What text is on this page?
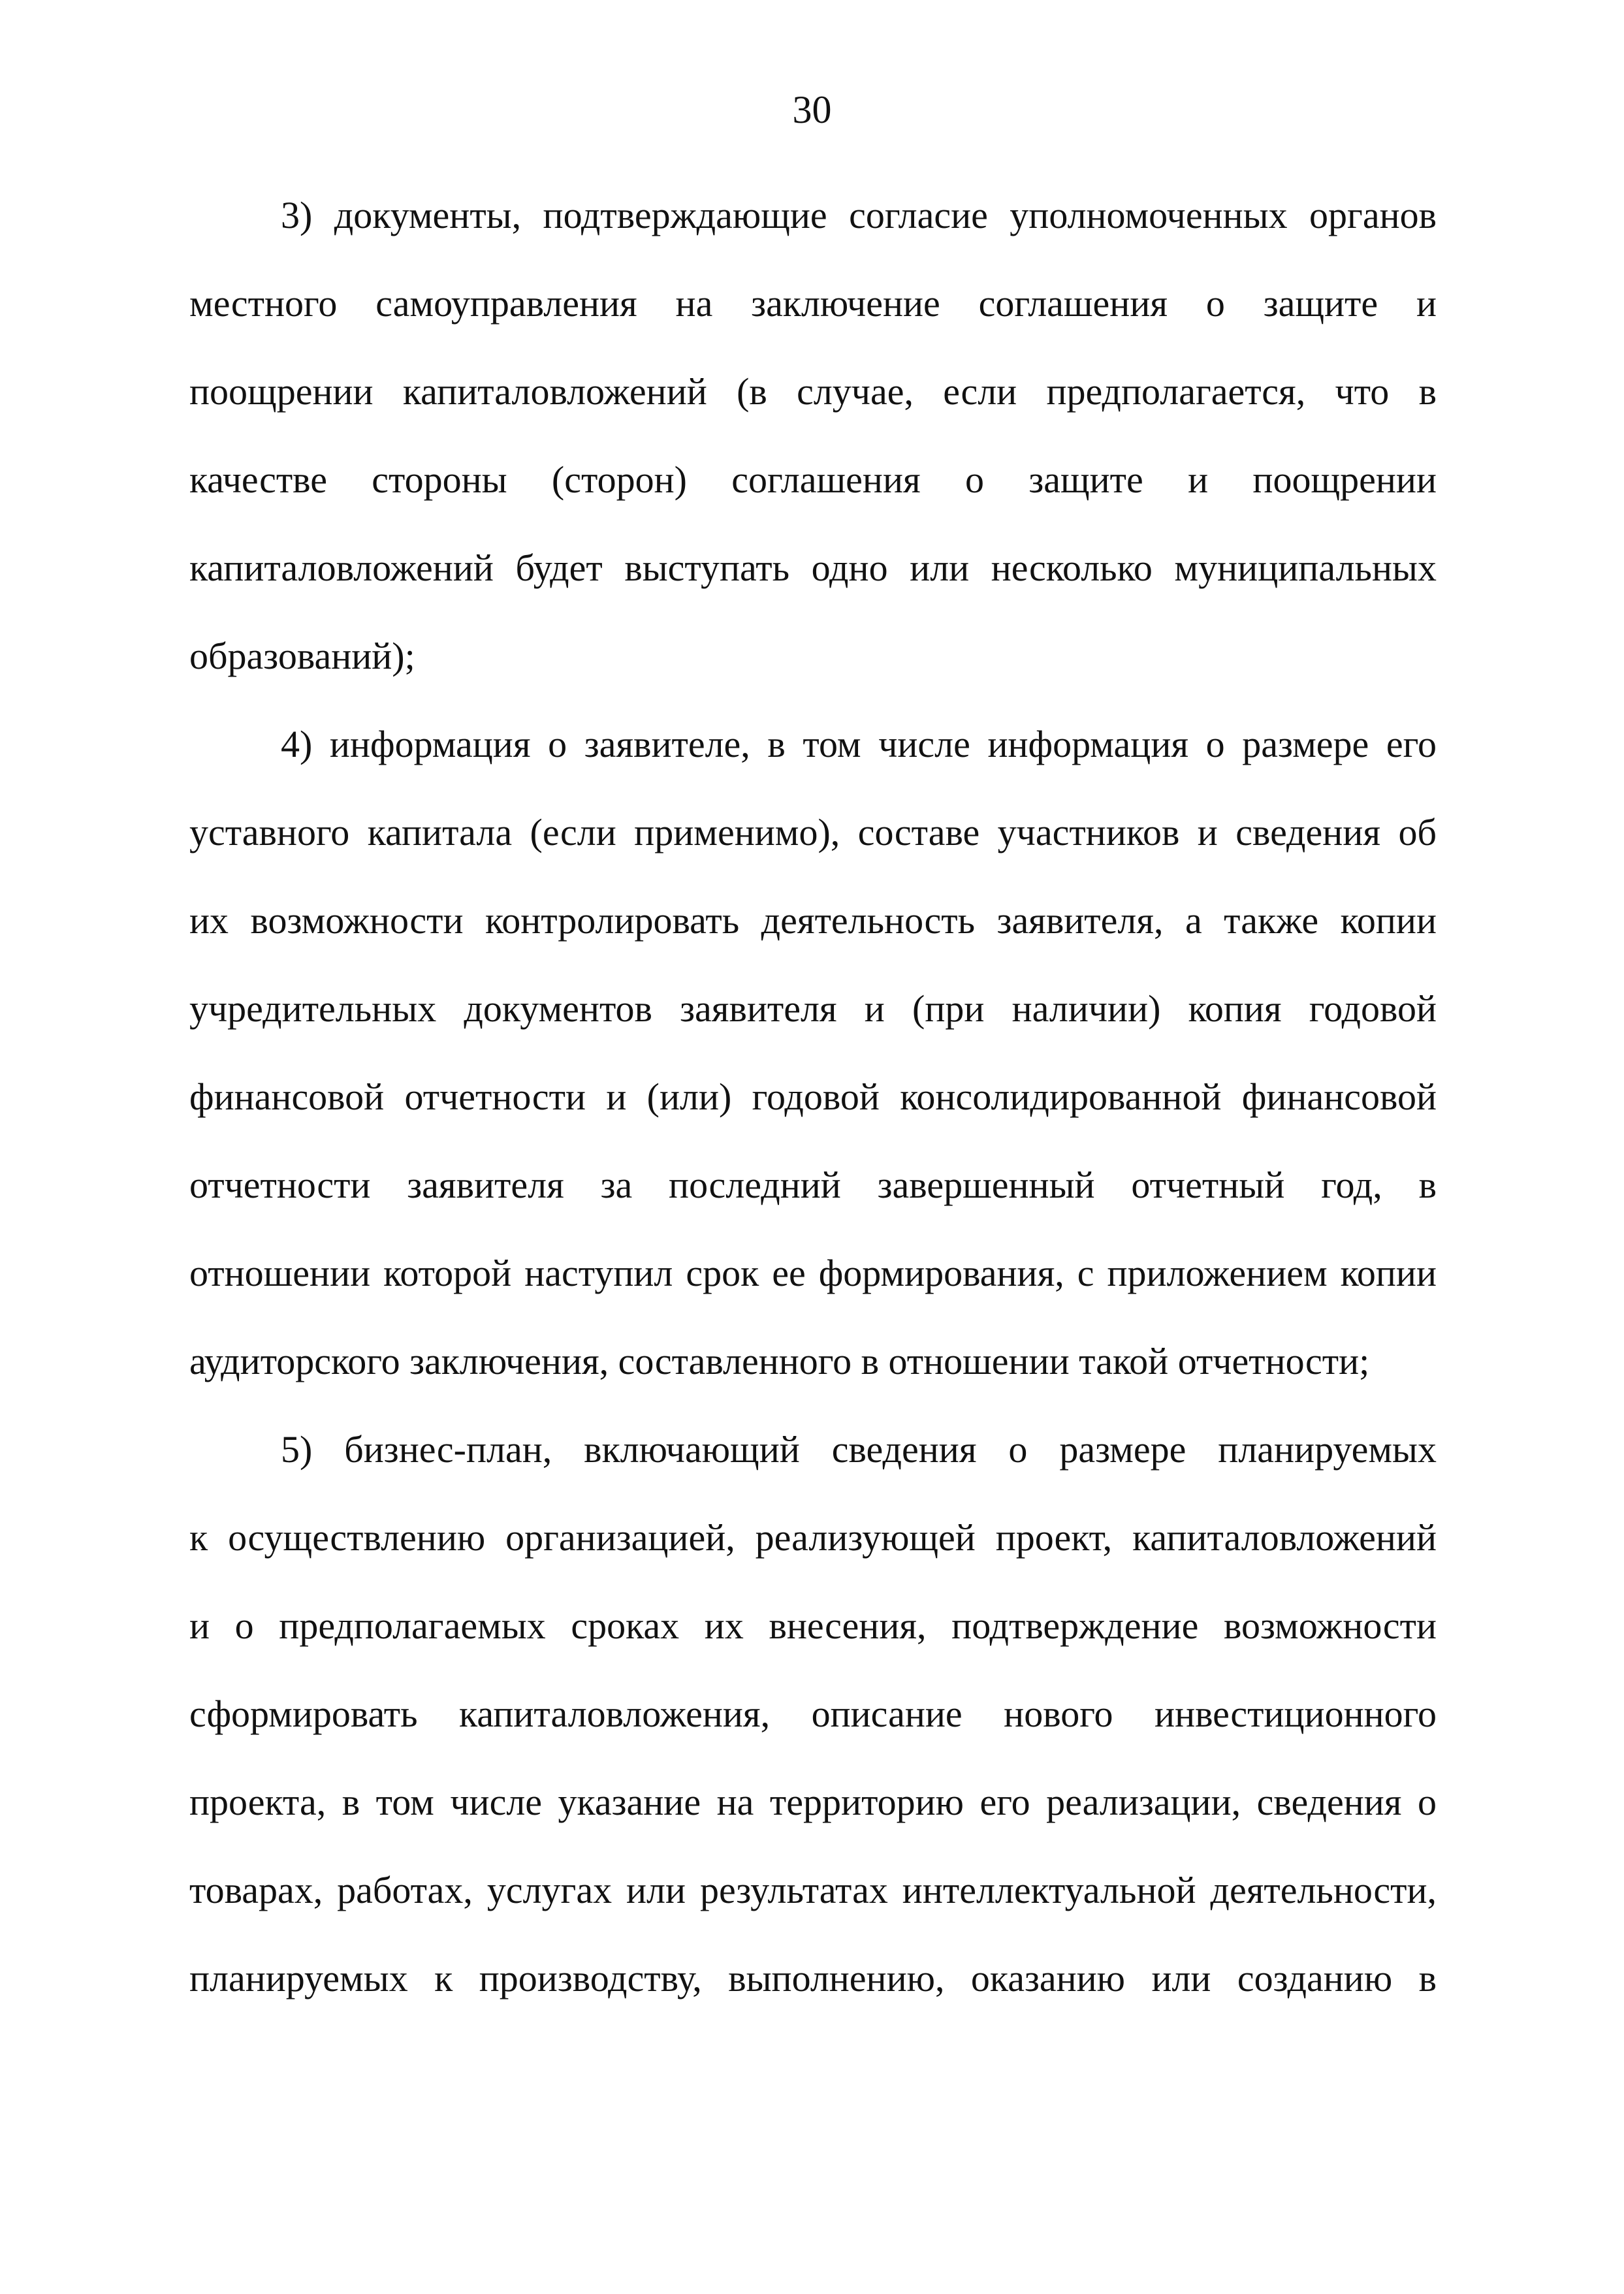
30
3) документы, подтверждающие согласие уполномоченных органов
местного самоуправления на заключение соглашения о защите и
поощрении капиталовложений (в случае, если предполагается, что в
качестве стороны (сторон) соглашения о защите и поощрении
капиталовложений будет выступать одно или несколько муниципальных
образований);
4) информация о заявителе, в том числе информация о размере его
уставного капитала (если применимо), составе участников и сведения об
их возможности контролировать деятельность заявителя, а также копии
учредительных документов заявителя и (при наличии) копия годовой
финансовой отчетности и (или) годовой консолидированной финансовой
отчетности заявителя за последний завершенный отчетный год, в
отношении которой наступил срок ее формирования, с приложением копии
аудиторского заключения, составленного в отношении такой отчетности;
5) бизнес-план, включающий сведения о размере планируемых
к осуществлению организацией, реализующей проект, капиталовложений
и о предполагаемых сроках их внесения, подтверждение возможности
сформировать капиталовложения, описание нового инвестиционного
проекта, в том числе указание на территорию его реализации, сведения о
товарах, работах, услугах или результатах интеллектуальной деятельности,
планируемых к производству, выполнению, оказанию или созданию в
